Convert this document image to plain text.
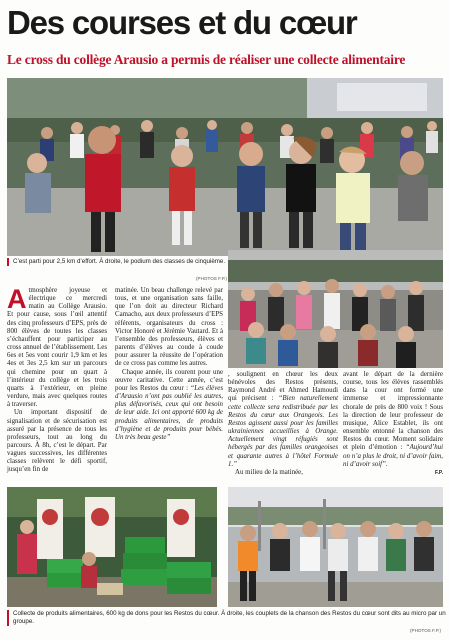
Des courses et du cœur
Le cross du collège Arausio a permis de réaliser une collecte alimentaire
C’est parti pour 2,5 km d’effort. À droite, le podium des classes de cinquième.
(PHOTOS F.P.)

Atmosphère joyeuse et électrique ce mercredi matin au Collège Arausio. Et pour cause, sous l’œil attentif des cinq professeurs d’EPS, près de 800 élèves de toutes les classes s’échauffent pour participer au cross annuel de l’établissement. Les 6es et 5es vont courir 1,9 km et les 4es et 3es 2,5 km sur un parcours qui chemine pour un quart à l’intérieur du collège et les trois quarts à l’extérieur, en pleine verdure, mais avec quelques routes à traverser.

Un important dispositif de signalisation et de sécurisation est assuré par la présence de tous les professeurs, tout au long du parcours. À 8h, c’est le départ. Par vagues successives, les différentes classes relèvent le défi sportif, jusqu’en fin de

matinée. Un beau challenge relevé par tous, et une organisation sans faille, que l’on doit au directeur Richard Camacho, aux deux professeurs d’EPS référents, organisateurs du cross : Victor Honoré et Jérémie Vautard. Et à l’ensemble des professeurs, élèves et parents d’élèves au coude à coude pour assurer la réussite de l’opération de ce cross pas comme les autres.

Chaque année, ils courent pour une œuvre caritative. Cette année, c’est pour les Restos du cœur : “Les élèves d’Arausio n’ont pas oublié les autres, plus défavorisés, ceux qui ont besoin de leur aide. Ici ont apporté 600 kg de produits alimentaires, de produits d’hygiène et de produits pour bébés. Un très beau geste”

, soulignent en chœur les deux bénévoles des Restos présents, Raymond André et Ahmed Hamoudi qui précisent : “Bien naturellement cette collecte sera redistribuée par les Restos du cœur aux Orangeois. Les Restos agissent aussi pour les familles ukrainiennes accueillies à Orange. Actuellement vingt réfugiés sont hébergés par des familles orangeoises et quarante autres à l’hôtel Formule 1.”

Au milieu de la matinée,

avant le départ de la dernière course, tous les élèves rassemblés dans la cour ont formé une immense et impressionnante chorale de près de 800 voix ! Sous la direction de leur professeur de musique, Alice Establet, ils ont ensemble entonné la chanson des Restos du cœur. Moment solidaire et plein d’émotion : “Aujourd’hui on n’a plus le droit, ni d’avoir faim, ni d’avoir soif”.

F.P.
Collecte de produits alimentaires, 600 kg de dons pour les Restos du cœur. À droite, les couplets de la chanson des Restos du cœur sont dits au micro par un groupe.
(PHOTOS F.P.)
